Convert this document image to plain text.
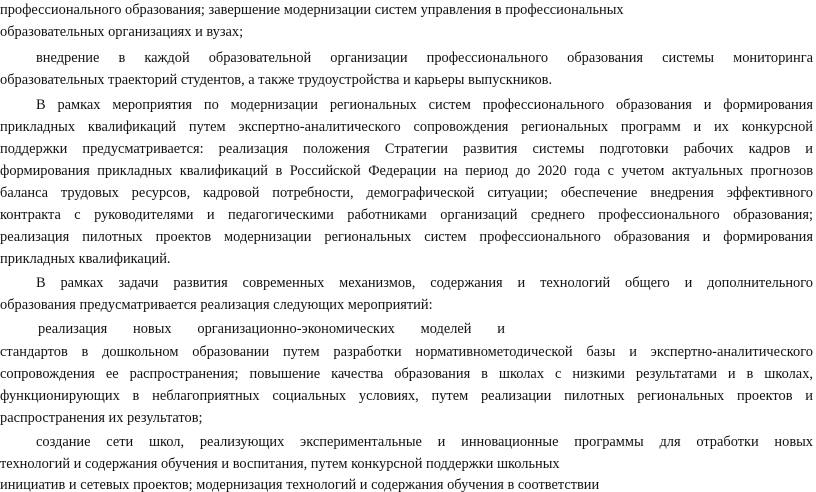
профессионального образования; завершение модернизации систем управления в профессиональных
образовательных организациях и вузах;
внедрение в каждой образовательной организации профессионального образования системы мониторинга
образовательных траекторий студентов, а также трудоустройства и карьеры выпускников.
В рамках мероприятия по модернизации региональных систем профессионального образования и формирования
прикладных квалификаций путем экспертно-аналитического сопровождения региональных программ и их конкурсной
поддержки предусматривается: реализация положения Стратегии развития системы подготовки рабочих кадров и
формирования прикладных квалификаций в Российской Федерации на период до 2020 года с учетом актуальных прогнозов
баланса трудовых ресурсов, кадровой потребности, демографической ситуации; обеспечение внедрения эффективного
контракта с руководителями и педагогическими работниками организаций среднего профессионального образования;
реализация пилотных проектов модернизации региональных систем профессионального образования и формирования
прикладных квалификаций.
В рамках задачи развития современных механизмов, содержания и технологий общего и дополнительного
образования предусматривается реализация следующих мероприятий:
реализация новых организационно-экономических моделей и
стандартов в дошкольном образовании путем разработки нормативнометодической базы и экспертно-аналитического
сопровождения ее распространения; повышение качества образования в школах с низкими результатами и в школах,
функционирующих в неблагоприятных социальных условиях, путем реализации пилотных региональных проектов и
распространения их результатов;
создание сети школ, реализующих экспериментальные и инновационные программы для отработки новых
технологий и содержания обучения и воспитания, путем конкурсной поддержки школьных
инициатив и сетевых проектов; модернизация технологий и содержания обучения в соответствии
